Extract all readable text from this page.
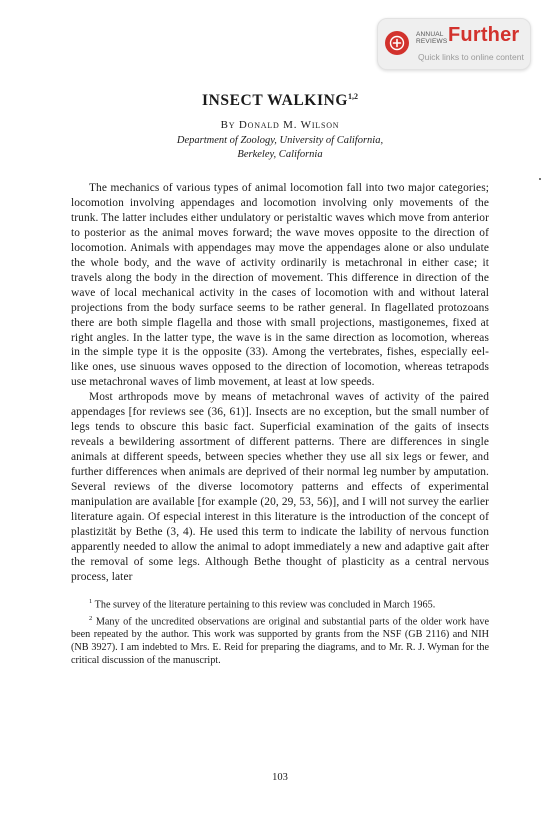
ANNUAL
REVIEWS Further
Quick links to online content
INSECT WALKING$^{1,2}$
By Donald M. Wilson
Department of Zoology, University of California,
Berkeley, California

The mechanics of various types of animal locomotion fall into two major categories; locomotion involving appendages and locomotion involving only movements of the trunk. The latter includes either undulatory or peristaltic waves which move from anterior to posterior as the animal moves forward; the wave moves opposite to the direction of locomotion. Animals with appendages may move the appendages alone or also undulate the whole body, and the wave of activity ordinarily is metachronal in either case; it travels along the body in the direction of movement. This difference in direction of the wave of local mechanical activity in the cases of locomotion with and without lateral projections from the body surface seems to be rather general. In flagellated protozoans there are both simple flagella and those with small projections, mastigonemes, fixed at right angles. In the latter type, the wave is in the same direction as locomotion, whereas in the simple type it is the opposite (33). Among the vertebrates, fishes, especially eel-like ones, use sinuous waves opposed to the direction of locomotion, whereas tetrapods use metachronal waves of limb movement, at least at low speeds.

Most arthropods move by means of metachronal waves of activity of the paired appendages [for reviews see (36, 61)]. Insects are no exception, but the small number of legs tends to obscure this basic fact. Superficial examination of the gaits of insects reveals a bewildering assortment of different patterns. There are differences in single animals at different speeds, between species whether they use all six legs or fewer, and further differences when animals are deprived of their normal leg number by amputation. Several reviews of the diverse locomotory patterns and effects of experimental manipulation are available [for example (20, 29, 53, 56)], and I will not survey the earlier literature again. Of especial interest in this literature is the introduction of the concept of plastizität by Bethe (3, 4). He used this term to indicate the lability of nervous function apparently needed to allow the animal to adopt immediately a new and adaptive gait after the removal of some legs. Although Bethe thought of plasticity as a central nervous process, later

$^1$ The survey of the literature pertaining to this review was concluded in March 1965.

$^2$ Many of the uncredited observations are original and substantial parts of the older work have been repeated by the author. This work was supported by grants from the NSF (GB 2116) and NIH (NB 3927). I am indebted to Mrs. E. Reid for preparing the diagrams, and to Mr. R. J. Wyman for the critical discussion of the manuscript.

103
